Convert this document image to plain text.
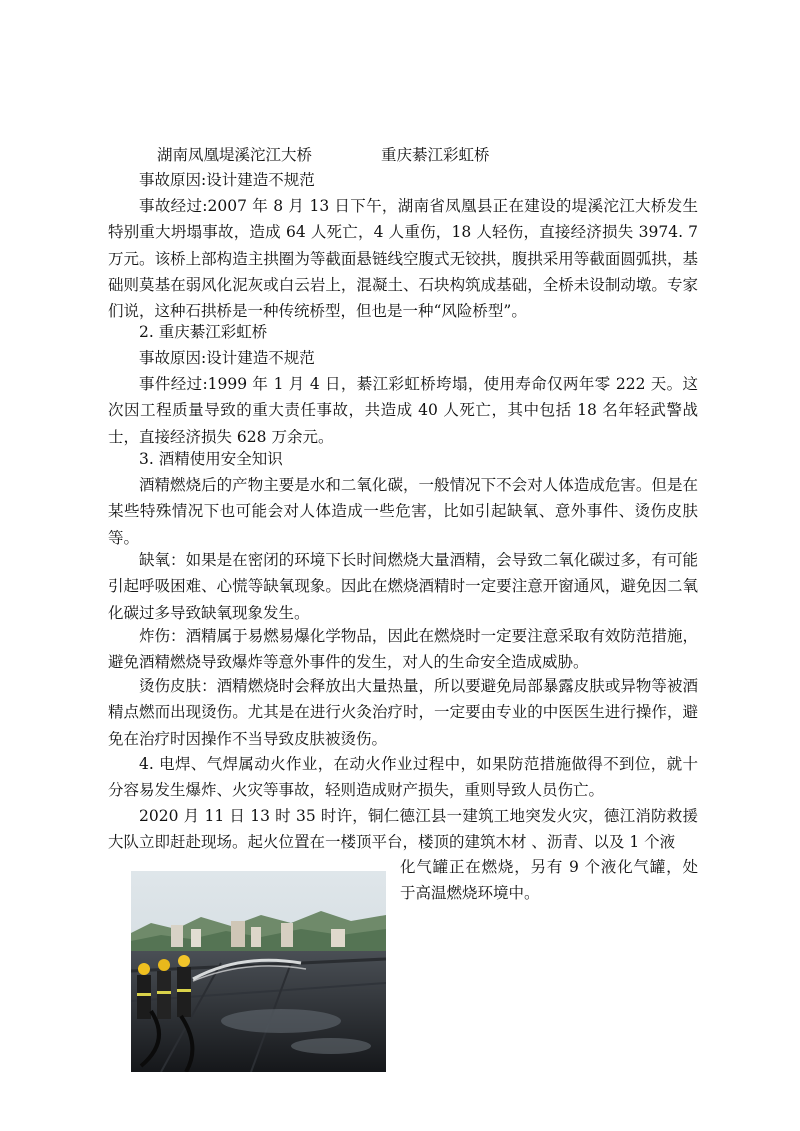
湖南凤凰堤溪沱江大桥	重庆綦江彩虹桥

事故原因:设计建造不规范

事故经过:2007 年 8 月 13 日下午，湖南省凤凰县正在建设的堤溪沱江大桥发生特别重大坍塌事故，造成 64 人死亡，4 人重伤，18 人轻伤，直接经济损失 3974. 7 万元。该桥上部构造主拱圈为等截面悬链线空腹式无铰拱，腹拱采用等截面圆弧拱，基础则莫基在弱风化泥灰或白云岩上，混凝土、石块构筑成基础，全桥未设制动墩。专家们说，这种石拱桥是一种传统桥型，但也是一种“风险桥型”。

2. 重庆綦江彩虹桥

事故原因:设计建造不规范

事件经过:1999 年 1 月 4 日，綦江彩虹桥垮塌，使用寿命仅两年零 222 天。这次因工程质量导致的重大责任事故，共造成 40 人死亡，其中包括 18 名年轻武警战士，直接经济损失 628 万余元。

3. 酒精使用安全知识

酒精燃烧后的产物主要是水和二氧化碳，一般情况下不会对人体造成危害。但是在某些特殊情况下也可能会对人体造成一些危害，比如引起缺氧、意外事件、烫伤皮肤等。

缺氧：如果是在密闭的环境下长时间燃烧大量酒精，会导致二氧化碳过多，有可能引起呼吸困难、心慌等缺氧现象。因此在燃烧酒精时一定要注意开窗通风，避免因二氧化碳过多导致缺氧现象发生。

炸伤：酒精属于易燃易爆化学物品，因此在燃烧时一定要注意采取有效防范措施，避免酒精燃烧导致爆炸等意外事件的发生，对人的生命安全造成威胁。

烫伤皮肤：酒精燃烧时会释放出大量热量，所以要避免局部暴露皮肤或异物等被酒精点燃而出现烫伤。尤其是在进行火灸治疗时，一定要由专业的中医医生进行操作，避免在治疗时因操作不当导致皮肤被烫伤。

4. 电焊、气焊属动火作业，在动火作业过程中，如果防范措施做得不到位，就十分容易发生爆炸、火灾等事故，轻则造成财产损失，重则导致人员伤亡。

2020 月 11 日 13 时 35 时许，铜仁德江县一建筑工地突发火灾，德江消防救援大队立即赶赴现场。起火位置在一楼顶平台，楼顶的建筑木材 、沥青、以及 1 个液

化气罐正在燃烧，另有 9 个液化气罐，处于高温燃烧环境中。
